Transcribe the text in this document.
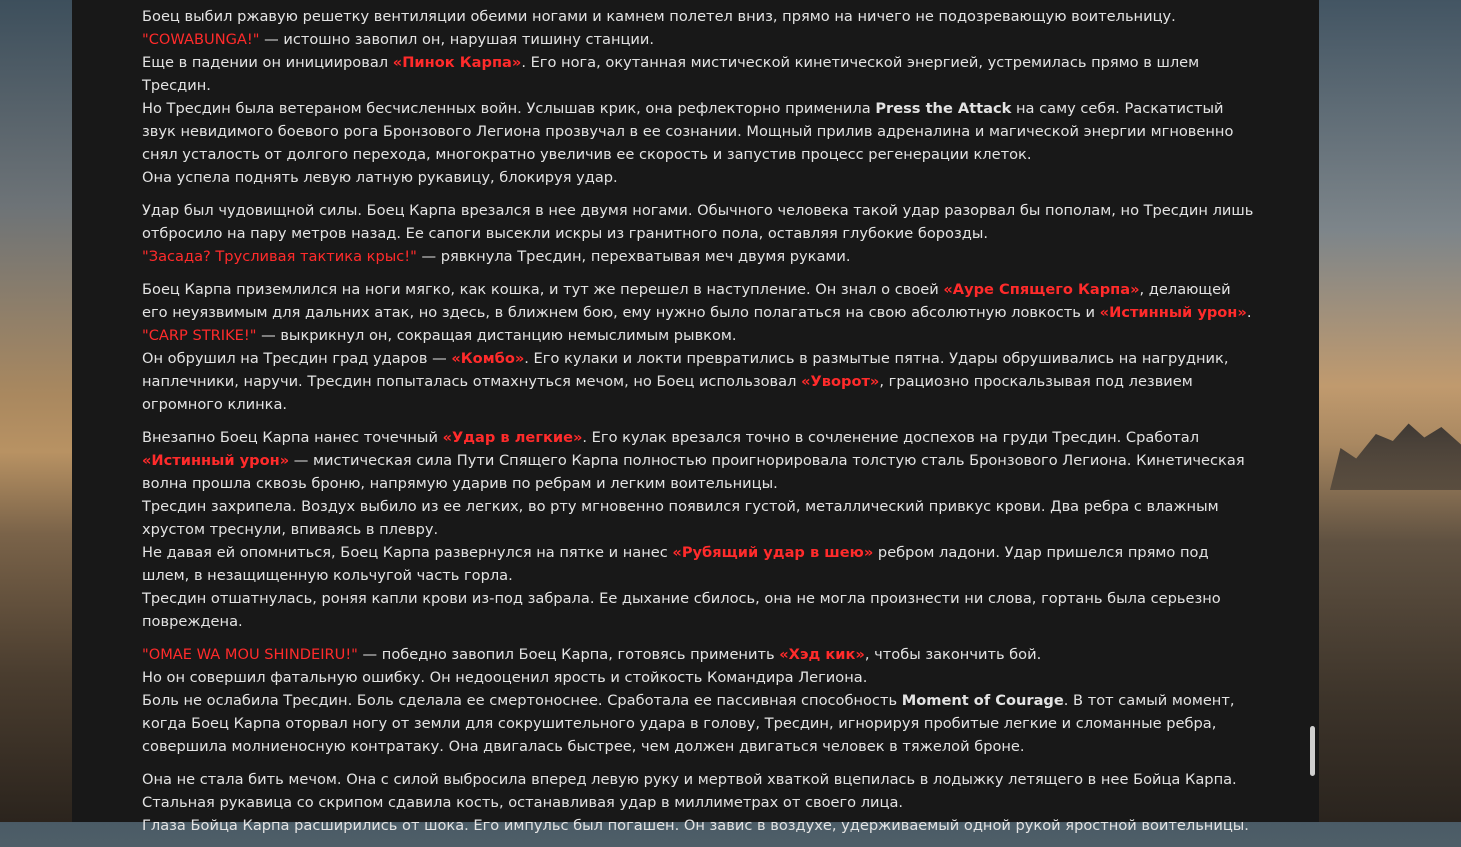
Боец выбил ржавую решетку вентиляции обеими ногами и камнем полетел вниз, прямо на ничего не подозревающую воительницу.
"COWABUNGA!" — истошно завопил он, нарушая тишину станции.
Еще в падении он инициировал «Пинок Карпа». Его нога, окутанная мистической кинетической энергией, устремилась прямо в шлем Тресдин.
Но Тресдин была ветераном бесчисленных войн. Услышав крик, она рефлекторно применила Press the Attack на саму себя. Раскатистый звук невидимого боевого рога Бронзового Легиона прозвучал в ее сознании. Мощный прилив адреналина и магической энергии мгновенно снял усталость от долгого перехода, многократно увеличив ее скорость и запустив процесс регенерации клеток.
Она успела поднять левую латную рукавицу, блокируя удар.

Удар был чудовищной силы. Боец Карпа врезался в нее двумя ногами. Обычного человека такой удар разорвал бы пополам, но Тресдин лишь отбросило на пару метров назад. Ее сапоги высекли искры из гранитного пола, оставляя глубокие борозды.
"Засада? Трусливая тактика крыс!" — рявкнула Тресдин, перехватывая меч двумя руками.

Боец Карпа приземлился на ноги мягко, как кошка, и тут же перешел в наступление. Он знал о своей «Ауре Спящего Карпа», делающей его неуязвимым для дальних атак, но здесь, в ближнем бою, ему нужно было полагаться на свою абсолютную ловкость и «Истинный урон».
"CARP STRIKE!" — выкрикнул он, сокращая дистанцию немыслимым рывком.
Он обрушил на Тресдин град ударов — «Комбо». Его кулаки и локти превратились в размытые пятна. Удары обрушивались на нагрудник, наплечники, наручи. Тресдин попыталась отмахнуться мечом, но Боец использовал «Уворот», грациозно проскальзывая под лезвием огромного клинка.

Внезапно Боец Карпа нанес точечный «Удар в легкие». Его кулак врезался точно в сочленение доспехов на груди Тресдин. Сработал «Истинный урон» — мистическая сила Пути Спящего Карпа полностью проигнорировала толстую сталь Бронзового Легиона. Кинетическая волна прошла сквозь броню, напрямую ударив по ребрам и легким воительницы.
Тресдин захрипела. Воздух выбило из ее легких, во рту мгновенно появился густой, металлический привкус крови. Два ребра с влажным хрустом треснули, впиваясь в плевру.
Не давая ей опомниться, Боец Карпа развернулся на пятке и нанес «Рубящий удар в шею» ребром ладони. Удар пришелся прямо под шлем, в незащищенную кольчугой часть горла.
Тресдин отшатнулась, роняя капли крови из-под забрала. Ее дыхание сбилось, она не могла произнести ни слова, гортань была серьезно повреждена.

"OMAE WA MOU SHINDEIRU!" — победно завопил Боец Карпа, готовясь применить «Хэд кик», чтобы закончить бой.
Но он совершил фатальную ошибку. Он недооценил ярость и стойкость Командира Легиона.
Боль не ослабила Тресдин. Боль сделала ее смертоноснее. Сработала ее пассивная способность Moment of Courage. В тот самый момент, когда Боец Карпа оторвал ногу от земли для сокрушительного удара в голову, Тресдин, игнорируя пробитые легкие и сломанные ребра, совершила молниеносную контратаку. Она двигалась быстрее, чем должен двигаться человек в тяжелой броне.

Она не стала бить мечом. Она с силой выбросила вперед левую руку и мертвой хваткой вцепилась в лодыжку летящего в нее Бойца Карпа.
Стальная рукавица со скрипом сдавила кость, останавливая удар в миллиметрах от своего лица.
Глаза Бойца Карпа расширились от шока. Его импульс был погашен. Он завис в воздухе, удерживаемый одной рукой яростной воительницы.
